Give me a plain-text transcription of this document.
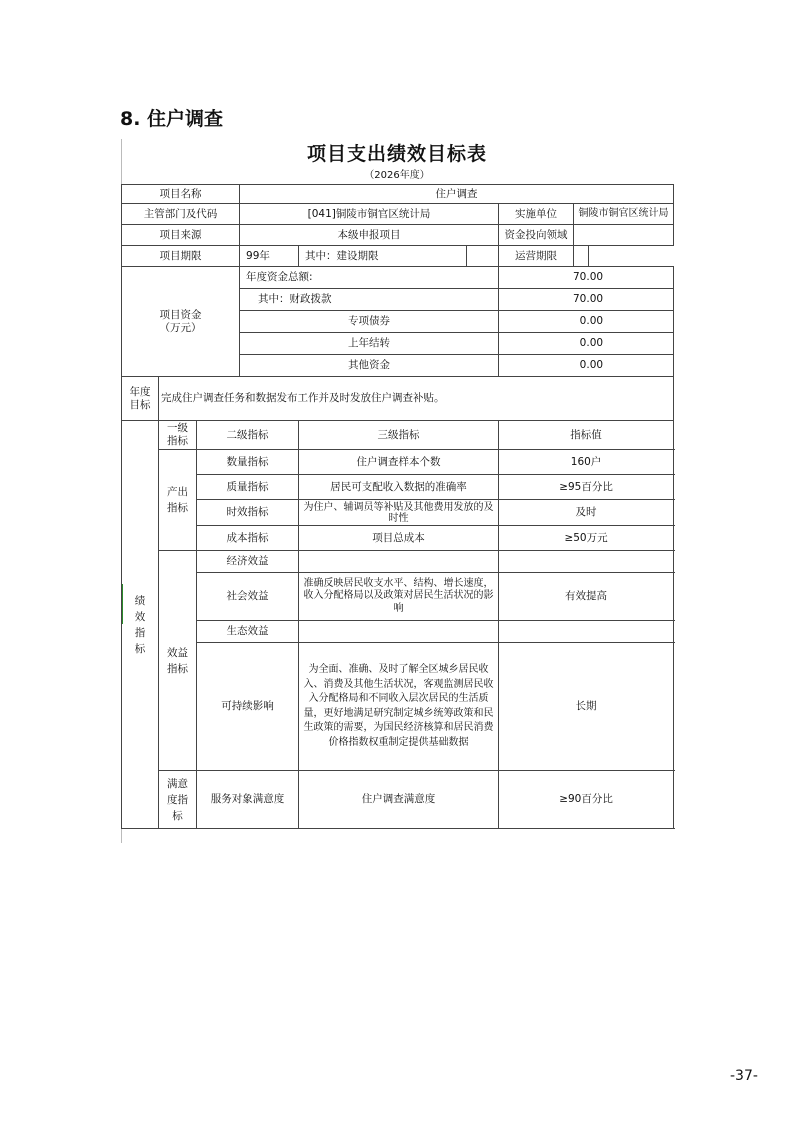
8. 住户调查
项目支出绩效目标表
（2026年度）
项目名称			住户调查					
主管部门及代码			[041]铜陵市铜官区统计局			实施单位	铜陵市铜官区统计局	
项目来源			本级申报项目			资金投向领域		
项目期限			99年	其中：建设期限		运营期限		
项目资金
（万元）			年度资金总额:			70.00		
			其中：财政拨款			70.00		
			专项债券			0.00		
			上年结转			0.00		
			其他资金			0.00		
年度目标	完成住户调查任务和数据发布工作并及时发放住户调查补贴。							
绩效指标	一级指标	二级指标		三级指标		指标值		
	产出指标	数量指标		住户调查样本个数		160户		
		质量指标		居民可支配收入数据的准确率		≥95百分比		
		时效指标		为住户、辅调员等补贴及其他费用发放的及时性		及时		
		成本指标		项目总成本		≥50万元		
	效益指标	经济效益						
		社会效益		准确反映居民收支水平、结构、增长速度，收入分配格局以及政策对居民生活状况的影响		有效提高		
		生态效益						
		可持续影响		为全面、准确、及时了解全区城乡居民收入、消费及其他生活状况，客观监测居民收入分配格局和不同收入层次居民的生活质量，更好地满足研究制定城乡统筹政策和民生政策的需要，为国民经济核算和居民消费价格指数权重制定提供基础数据		长期		
	满意度指标	服务对象满意度		住户调查满意度		≥90百分比		
-37-
